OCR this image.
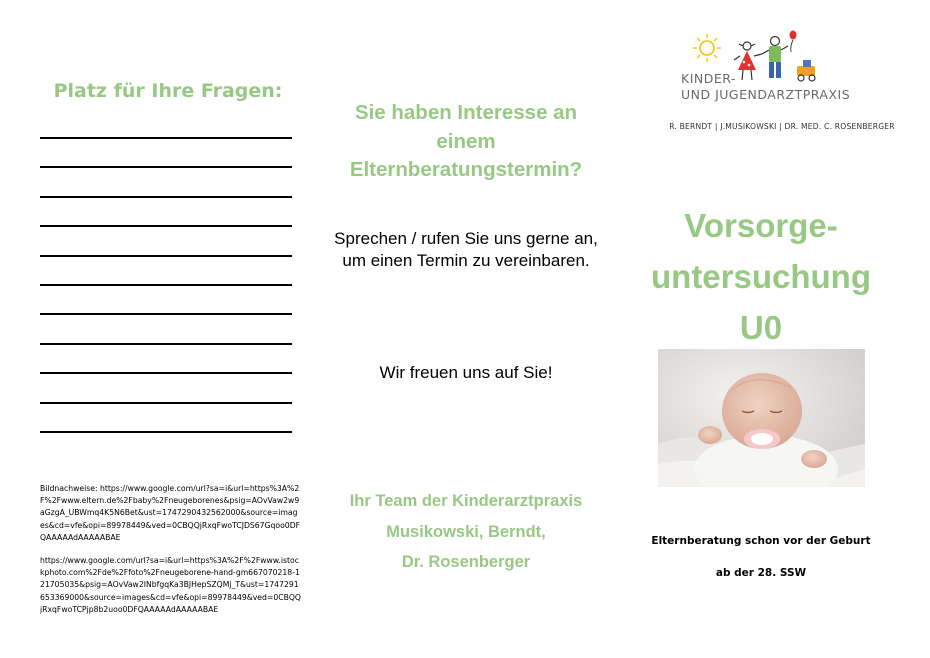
Platz für Ihre Fragen:

Bildnachweise: https://www.google.com/url?sa=i&url=https%3A%2F%2Fwww.eltern.de%2Fbaby%2Fneugeborenes&psig=AOvVaw2w9aGzgA_UBWmq4K5N6Bet&ust=1747290432562000&source=images&cd=vfe&opi=89978449&ved=0CBQQjRxqFwoTCJDS67Gqoo0DFQAAAAAdAAAAABAE

https://www.google.com/url?sa=i&url=https%3A%2F%2Fwww.istockphoto.com%2Fde%2Ffoto%2Fneugeborene-hand-gm667070218-121705035&psig=AOvVaw2INbfgqKa3BJHepSZQMj_T&ust=1747291653369000&source=images&cd=vfe&opi=89978449&ved=0CBQQjRxqFwoTCPjp8b2uoo0DFQAAAAAdAAAAABAE

Sie haben Interesse an einem Elternberatungstermin?

Sprechen / rufen Sie uns gerne an, um einen Termin zu vereinbaren.

Wir freuen uns auf Sie!

Ihr Team der Kinderarztpraxis
Musikowski, Berndt,
Dr. Rosenberger
KINDER-
UND JUGENDARZTPRAXIS
R. BERNDT | J.MUSIKOWSKI | DR. MED. C. ROSENBERGER
Vorsorge-
untersuchung
U0

Elternberatung schon vor der Geburt

ab der 28. SSW
